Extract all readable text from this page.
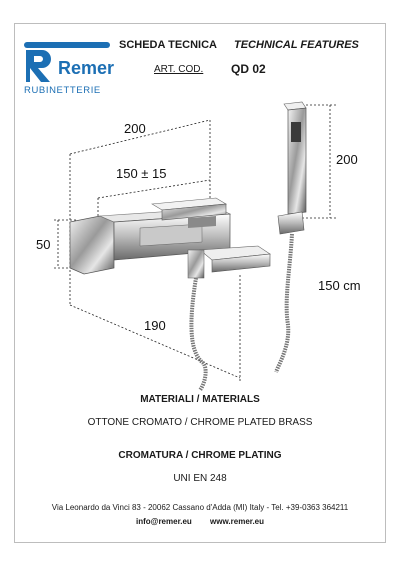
Remer
RUBINETTERIE
SCHEDA TECNICA TECHNICAL FEATURES
ART. COD. QD 02
200
150 ± 15
50
190
200
150 cm
MATERIALI / MATERIALS
OTTONE CROMATO / CHROME PLATED BRASS
CROMATURA / CHROME PLATING
UNI EN 248
Via Leonardo da Vinci 83 - 20062 Cassano d'Adda (MI) Italy - Tel. +39-0363 364211
info@remer.eu www.remer.eu
